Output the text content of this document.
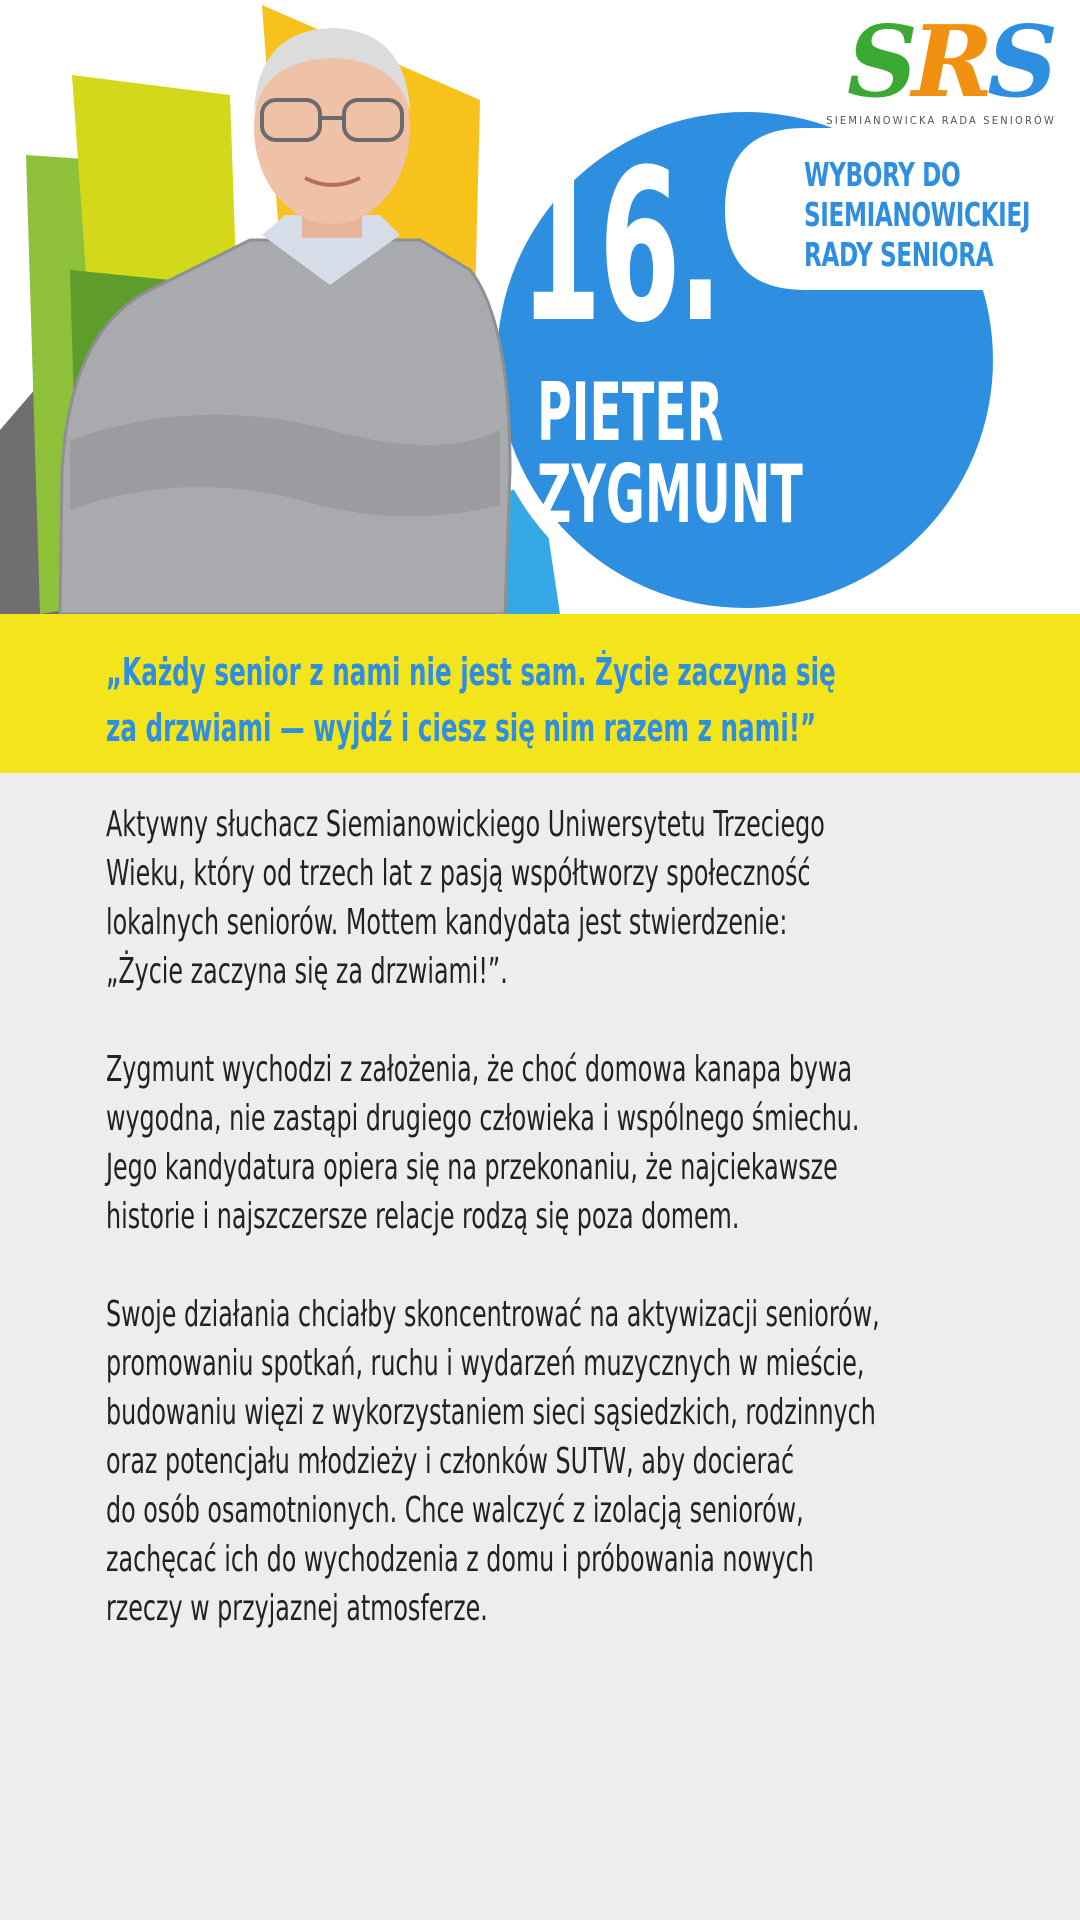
SRS
SIEMIANOWICKA RADA SENIORÓW
WYBORY DO
SIEMIANOWICKIEJ
RADY SENIORA
16.
PIETER
ZYGMUNT
„Każdy senior z nami nie jest sam. Życie zaczyna się
za drzwiami — wyjdź i ciesz się nim razem z nami!”

Aktywny słuchacz Siemianowickiego Uniwersytetu Trzeciego
Wieku, który od trzech lat z pasją współtworzy społeczność
lokalnych seniorów. Mottem kandydata jest stwierdzenie:
„Życie zaczyna się za drzwiami!”.

Zygmunt wychodzi z założenia, że choć domowa kanapa bywa
wygodna, nie zastąpi drugiego człowieka i wspólnego śmiechu.
Jego kandydatura opiera się na przekonaniu, że najciekawsze
historie i najszczersze relacje rodzą się poza domem.

Swoje działania chciałby skoncentrować na aktywizacji seniorów,
promowaniu spotkań, ruchu i wydarzeń muzycznych w mieście,
budowaniu więzi z wykorzystaniem sieci sąsiedzkich, rodzinnych
oraz potencjału młodzieży i członków SUTW, aby docierać
do osób osamotnionych. Chce walczyć z izolacją seniorów,
zachęcać ich do wychodzenia z domu i próbowania nowych
rzeczy w przyjaznej atmosferze.
